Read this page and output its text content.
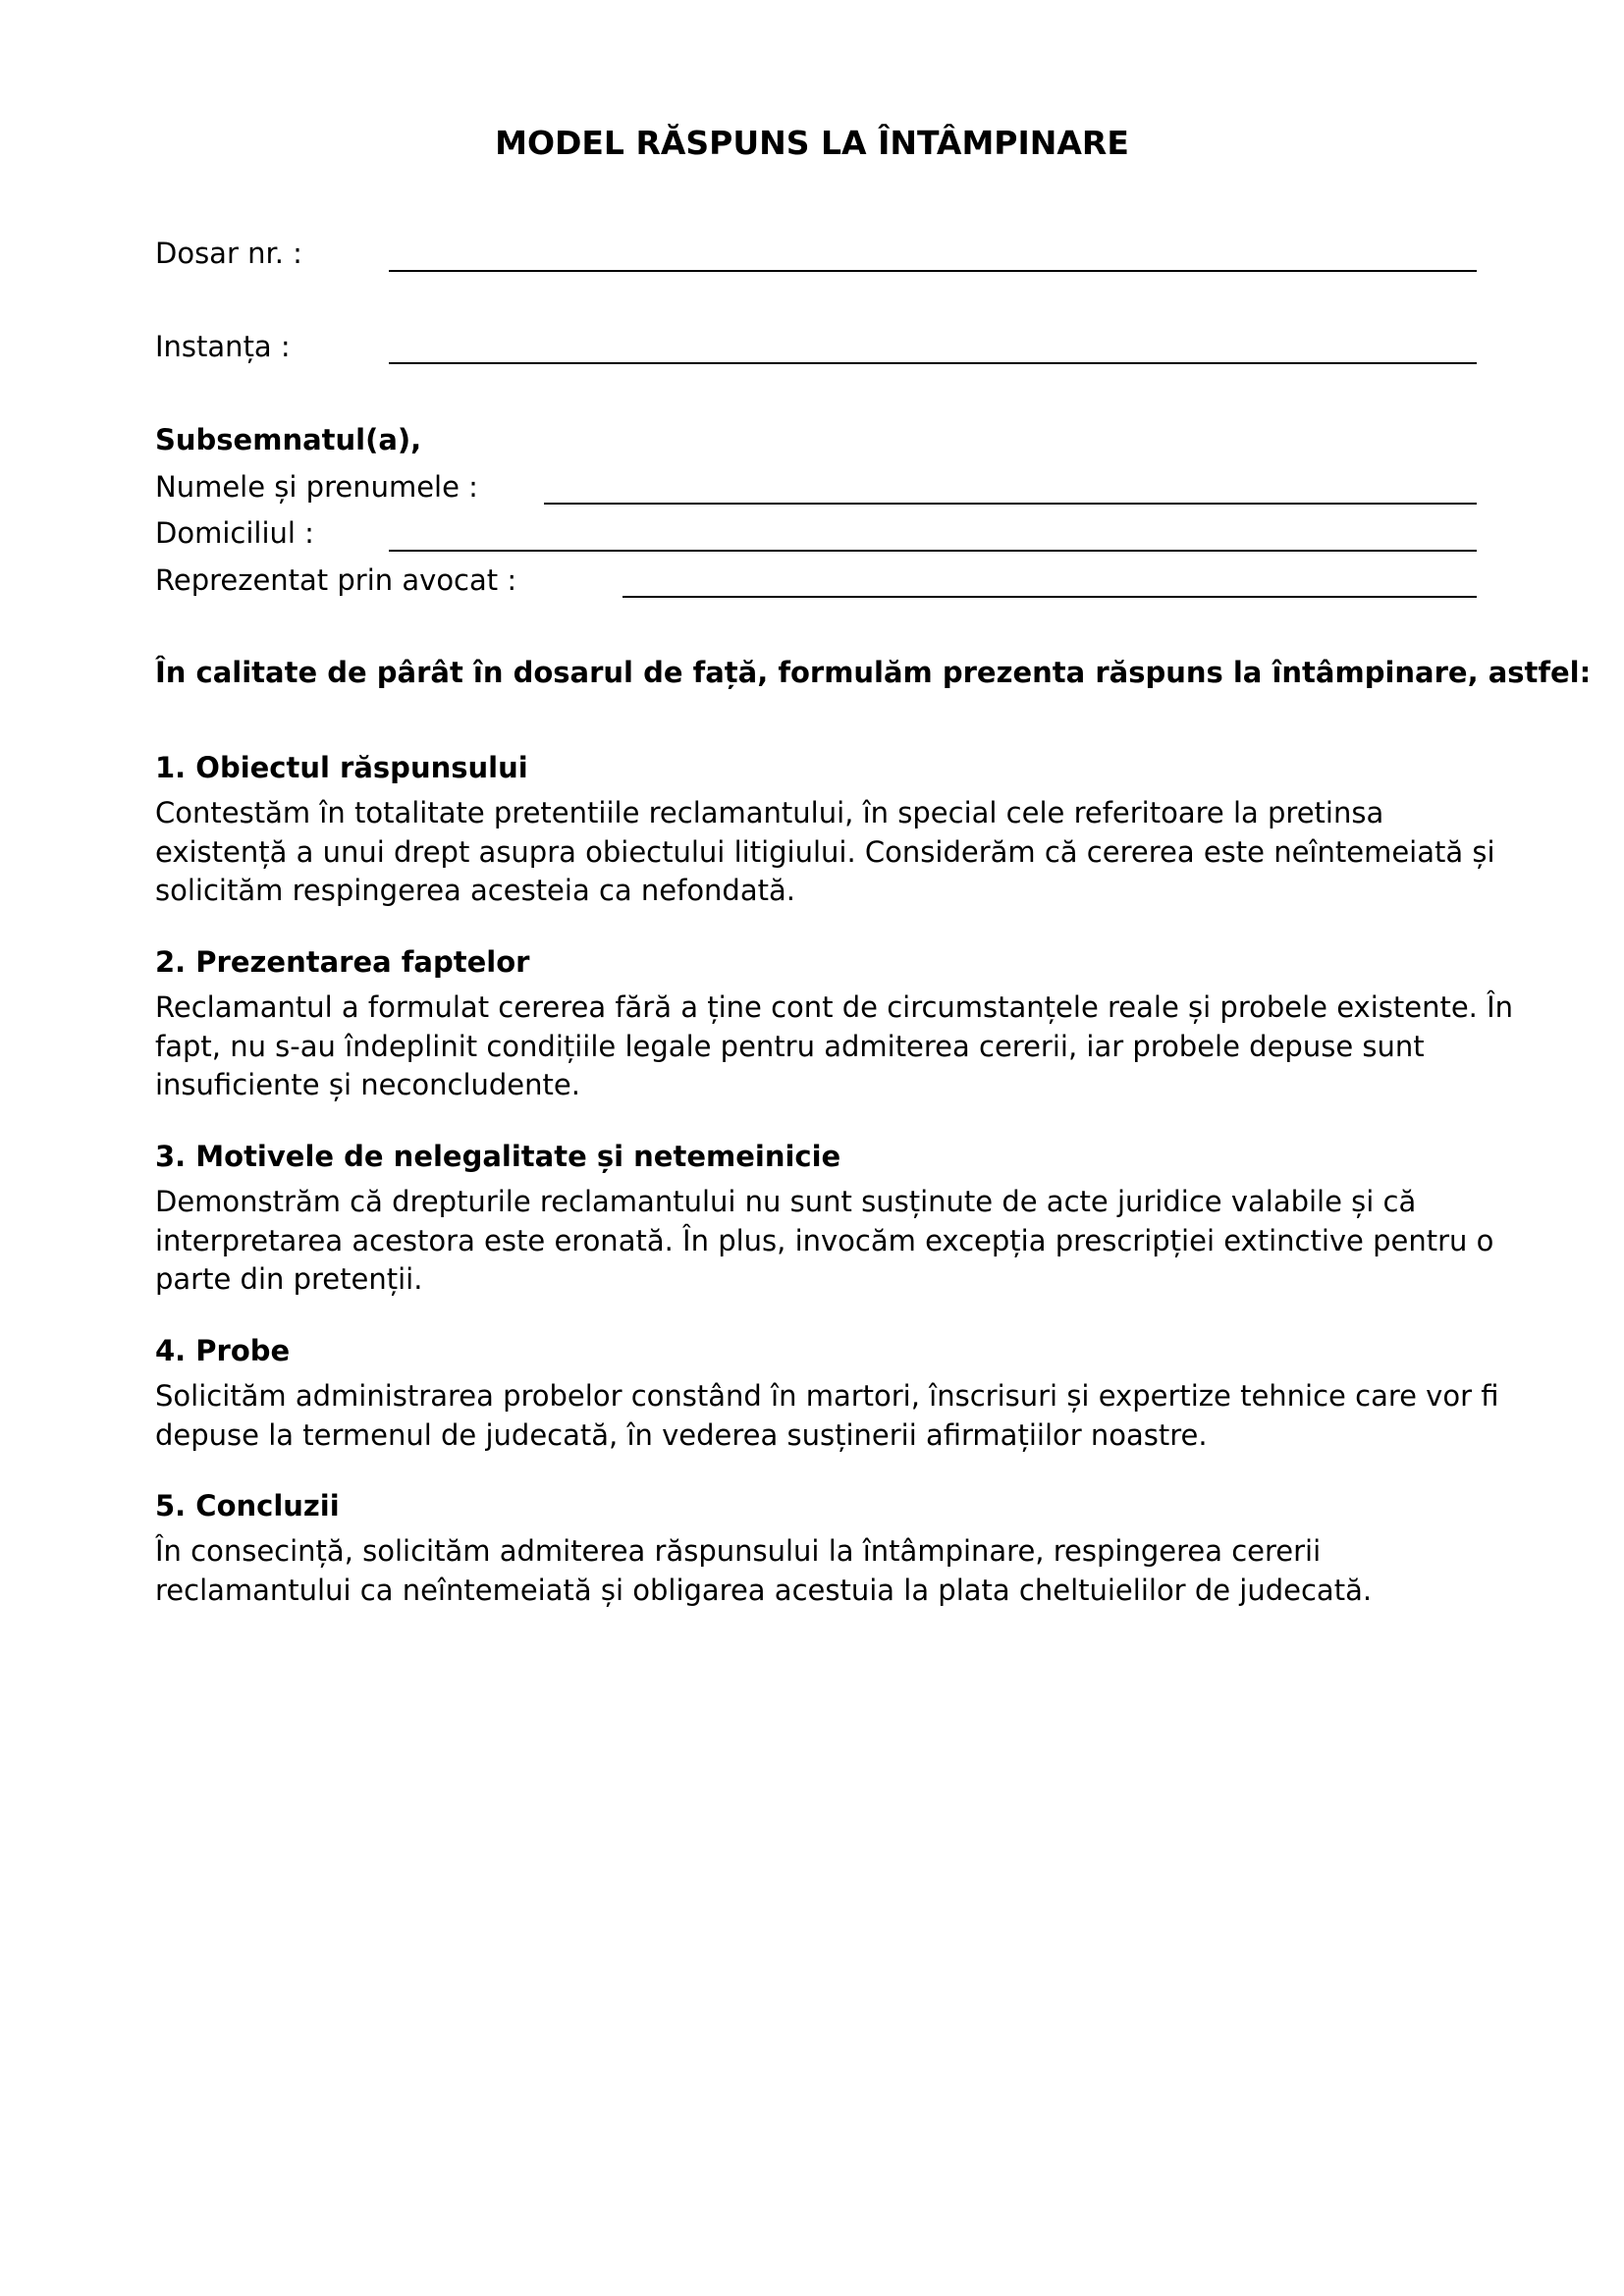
MODEL RĂSPUNS LA ÎNTÂMPINARE
Dosar nr. :
Instanța :

Subsemnatul(a),

Numele și prenumele :
Domiciliul :
Reprezentat prin avocat :

În calitate de pârât în dosarul de față, formulăm prezenta răspuns la întâmpinare, astfel:

1. Obiectul răspunsului
Contestăm în totalitate pretentiile reclamantului, în special cele referitoare la pretinsa
existență a unui drept asupra obiectului litigiului. Considerăm că cererea este neîntemeiată și
solicităm respingerea acesteia ca nefondată.
2. Prezentarea faptelor
Reclamantul a formulat cererea fără a ține cont de circumstanțele reale și probele existente. În
fapt, nu s-au îndeplinit condițiile legale pentru admiterea cererii, iar probele depuse sunt
insuficiente și neconcludente.
3. Motivele de nelegalitate și netemeinicie
Demonstrăm că drepturile reclamantului nu sunt susținute de acte juridice valabile și că
interpretarea acestora este eronată. În plus, invocăm excepția prescripției extinctive pentru o
parte din pretenții.
4. Probe
Solicităm administrarea probelor constând în martori, înscrisuri și expertize tehnice care vor fi
depuse la termenul de judecată, în vederea susținerii afirmațiilor noastre.
5. Concluzii
În consecință, solicităm admiterea răspunsului la întâmpinare, respingerea cererii
reclamantului ca neîntemeiată și obligarea acestuia la plata cheltuielilor de judecată.
